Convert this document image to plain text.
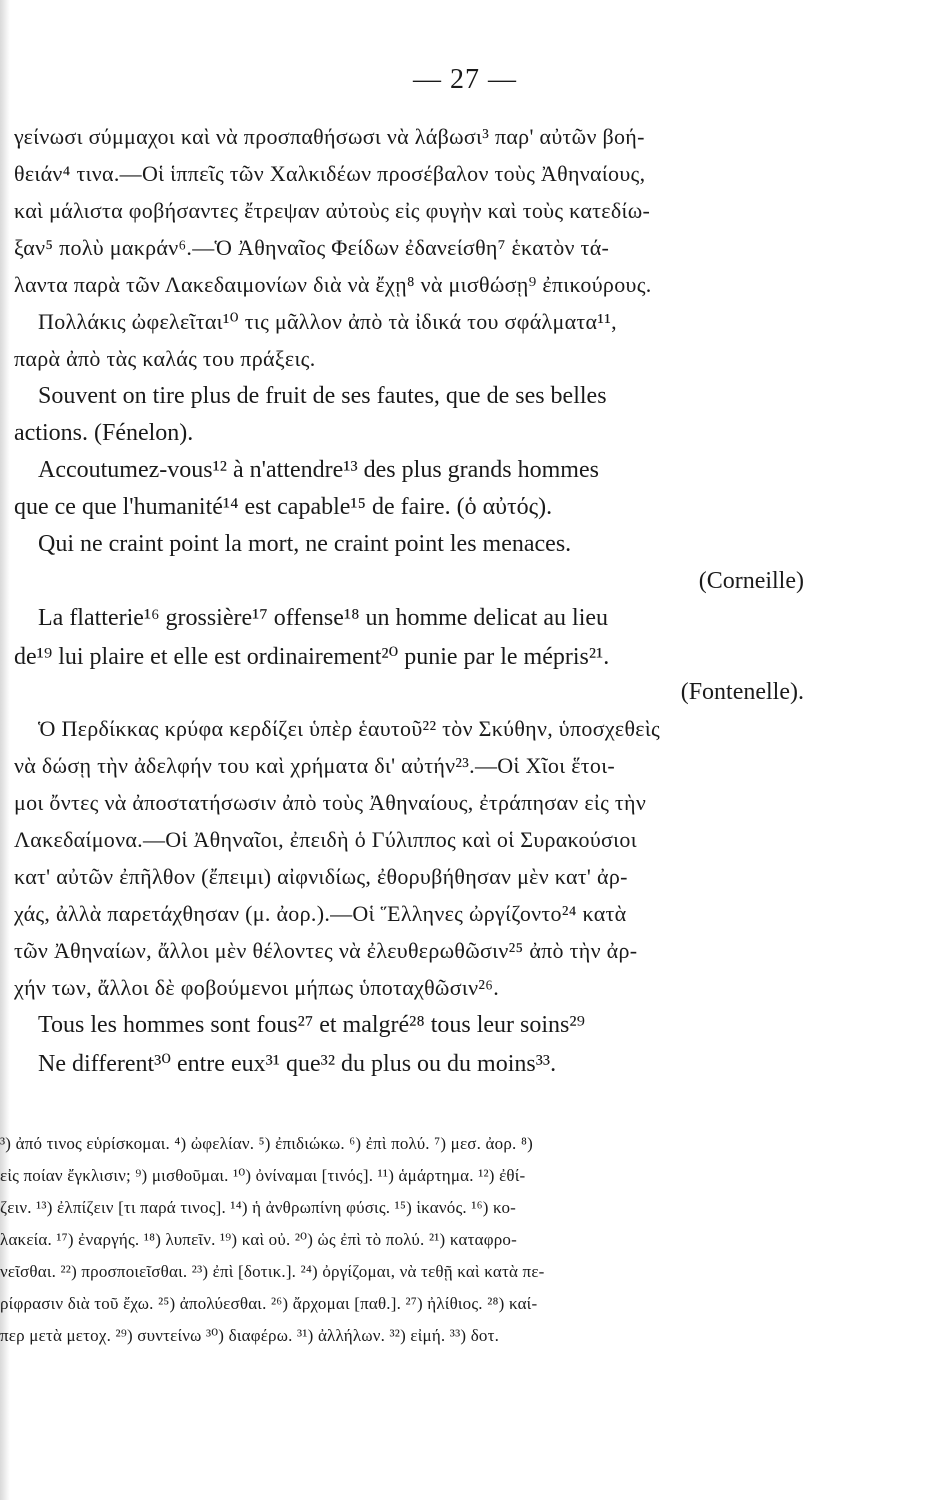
— 27 —
γείνωσι σύμμαχοι καὶ νὰ προσπαθήσωσι νὰ λάβωσι³ παρ' αὐτῶν βοή-
θειάν⁴ τινα.—Οἱ ἱππεῖς τῶν Χαλκιδέων προσέβαλον τοὺς Ἀθηναίους,
καὶ μάλιστα φοβήσαντες ἔτρεψαν αὐτοὺς εἰς φυγὴν καὶ τοὺς κατεδίω-
ξαν⁵ πολὺ μακράν⁶.—Ὁ Ἀθηναῖος Φείδων ἐδανείσθη⁷ ἑκατὸν τά-
λαντα παρὰ τῶν Λακεδαιμονίων διὰ νὰ ἔχῃ⁸ νὰ μισθώσῃ⁹ ἐπικούρους.
Πολλάκις ὠφελεῖται¹⁰ τις μᾶλλον ἀπὸ τὰ ἰδικά του σφάλματα¹¹,
παρὰ ἀπὸ τὰς καλάς του πράξεις.
Souvent on tire plus de fruit de ses fautes, que de ses belles
actions. (Fénelon).
Accoutumez-vous¹² à n'attendre¹³ des plus grands hommes
que ce que l'humanité¹⁴ est capable¹⁵ de faire. (ὁ αὐτός).
Qui ne craint point la mort, ne craint point les menaces.
(Corneille)
La flatterie¹⁶ grossière¹⁷ offense¹⁸ un homme delicat au lieu
de¹⁹ lui plaire et elle est ordinairement²⁰ punie par le mépris²¹.
(Fontenelle).
Ὁ Περδίκκας κρύφα κερδίζει ὑπὲρ ἑαυτοῦ²² τὸν Σκύθην, ὑποσχεθεὶς
νὰ δώσῃ τὴν ἀδελφήν του καὶ χρήματα δι' αὐτήν²³.—Οἱ Χῖοι ἕτοι-
μοι ὄντες νὰ ἀποστατήσωσιν ἀπὸ τοὺς Ἀθηναίους, ἐτράπησαν εἰς τὴν
Λακεδαίμονα.—Οἱ Ἀθηναῖοι, ἐπειδὴ ὁ Γύλιππος καὶ οἱ Συρακούσιοι
κατ' αὐτῶν ἐπῆλθον (ἔπειμι) αἰφνιδίως, ἐθορυβήθησαν μὲν κατ' ἀρ-
χάς, ἀλλὰ παρετάχθησαν (μ. ἀορ.).—Οἱ Ἕλληνες ὠργίζοντο²⁴ κατὰ
τῶν Ἀθηναίων, ἄλλοι μὲν θέλοντες νὰ ἐλευθερωθῶσιν²⁵ ἀπὸ τὴν ἀρ-
χήν των, ἄλλοι δὲ φοβούμενοι μήπως ὑποταχθῶσιν²⁶.
Tous les hommes sont fous²⁷ et malgré²⁸ tous leur soins²⁹
Ne different³⁰ entre eux³¹ que³² du plus ou du moins³³.
³) ἀπό τινος εὑρίσκομαι. ⁴) ὠφελίαν. ⁵) ἐπιδιώκω. ⁶) ἐπὶ πολύ. ⁷) μεσ. ἀορ. ⁸)
εἰς ποίαν ἔγκλισιν; ⁹) μισθοῦμαι. ¹⁰) ὀνίναμαι [τινός]. ¹¹) ἁμάρτημα. ¹²) ἐθί-
ζειν. ¹³) ἐλπίζειν [τι παρά τινος]. ¹⁴) ἡ ἀνθρωπίνη φύσις. ¹⁵) ἱκανός. ¹⁶) κο-
λακεία. ¹⁷) ἐναργής. ¹⁸) λυπεῖν. ¹⁹) καὶ οὐ. ²⁰) ὡς ἐπὶ τὸ πολύ. ²¹) καταφρο-
νεῖσθαι. ²²) προσποιεῖσθαι. ²³) ἐπὶ [δοτικ.]. ²⁴) ὀργίζομαι, νὰ τεθῇ καὶ κατὰ πε-
ρίφρασιν διὰ τοῦ ἔχω. ²⁵) ἀπολύεσθαι. ²⁶) ἄρχομαι [παθ.]. ²⁷) ἠλίθιος. ²⁸) καί-
περ μετὰ μετοχ. ²⁹) συντείνω ³⁰) διαφέρω. ³¹) ἀλλήλων. ³²) εἰμή. ³³) δοτ.
